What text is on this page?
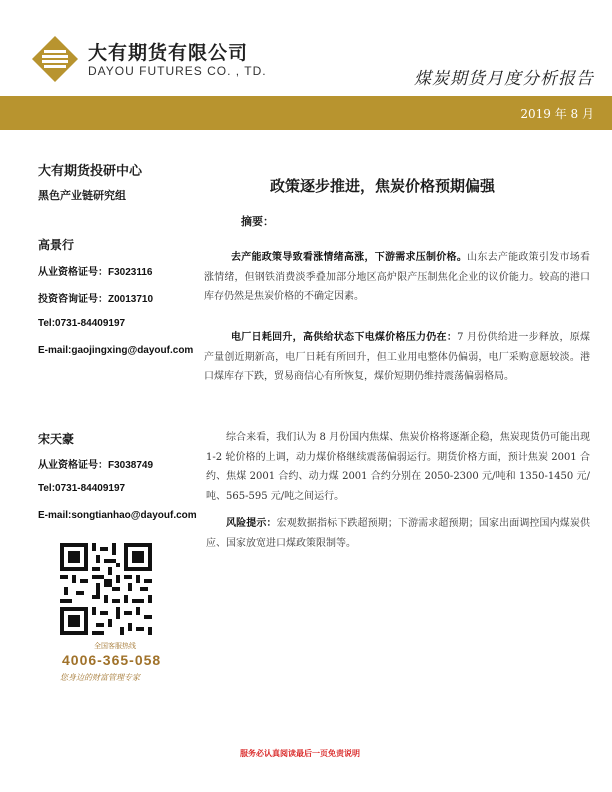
大有期货有限公司
DAYOU FUTURES CO. , TD.	煤炭期货月度分析报告
2019 年 8 月
大有期货投研中心
黑色产业链研究组
高景行
从业资格证号：F3023116
投资咨询证号：Z0013710
Tel:0731-84409197
E-mail:gaojingxing@dayouf.com
宋天豪
从业资格证号：F3038749
Tel:0731-84409197
E-mail:songtianhao@dayouf.com
全国客服热线
4006-365-058
您身边的财富管理专家
政策逐步推进，焦炭价格预期偏强
摘要：
去产能政策导致看涨情绪高涨，下游需求压制价格。山东去产能政策引发市场看涨情绪，但钢铁消费淡季叠加部分地区高炉限产压制焦化企业的议价能力。较高的港口库存仍然是焦炭价格的不确定因素。
电厂日耗回升，高供给状态下电煤价格压力仍在：7 月份供给进一步释放，原煤产量创近期新高，电厂日耗有所回升，但工业用电整体仍偏弱，电厂采购意愿较淡。港口煤库存下跌，贸易商信心有所恢复，煤价短期仍维持震荡偏弱格局。
综合来看，我们认为 8 月份国内焦煤、焦炭价格将逐渐企稳，焦炭现货仍可能出现 1-2 轮价格的上调，动力煤价格继续震荡偏弱运行。期货价格方面，预计焦炭 2001 合约、焦煤 2001 合约、动力煤 2001 合约分别在 2050-2300 元/吨和 1350-1450 元/吨、565-595 元/吨之间运行。
风险提示：宏观数据指标下跌超预期；下游需求超预期；国家出面调控国内煤炭供应、国家放宽进口煤政策限制等。
服务必认真阅读最后一页免责说明
